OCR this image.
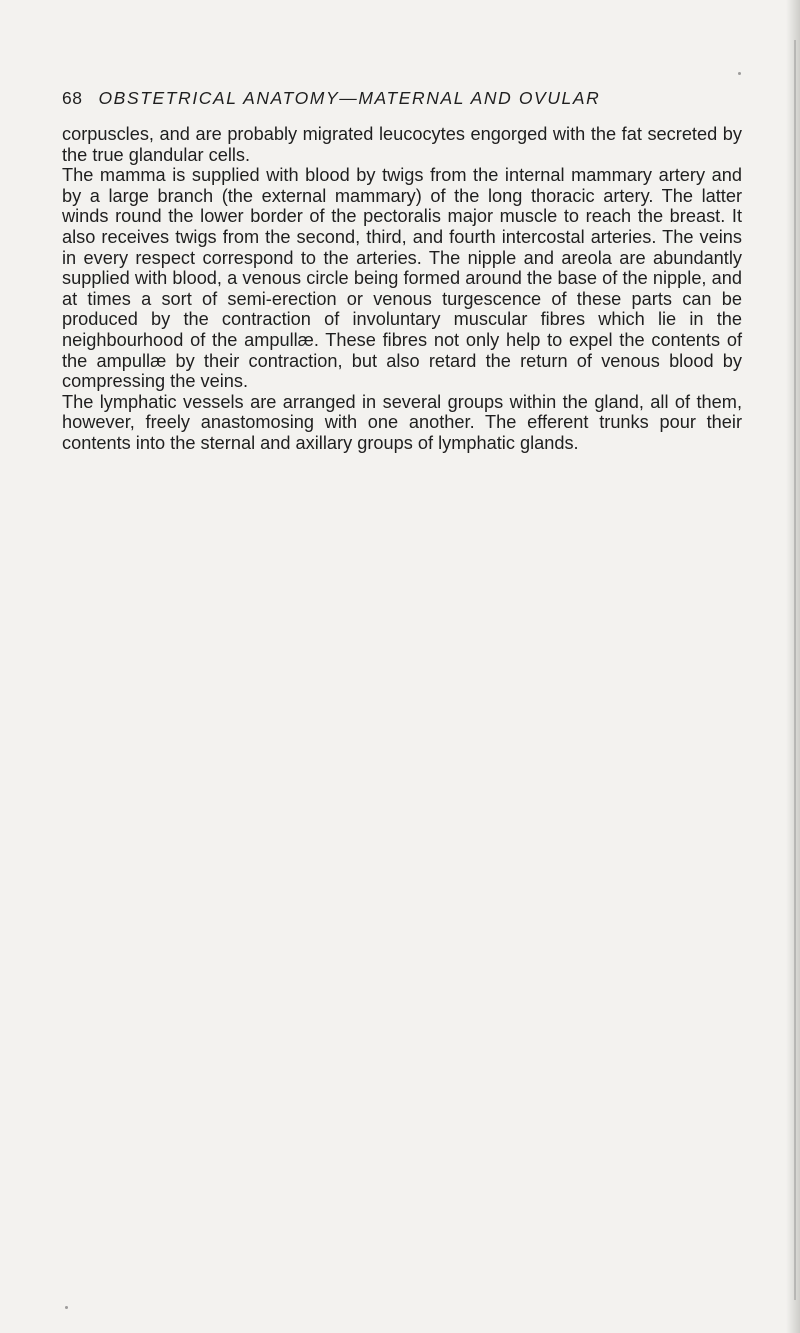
68 OBSTETRICAL ANATOMY—MATERNAL AND OVULAR

corpuscles, and are probably migrated leucocytes engorged with the fat secreted by the true glandular cells.

The mamma is supplied with blood by twigs from the internal mammary artery and by a large branch (the external mammary) of the long thoracic artery. The latter winds round the lower border of the pectoralis major muscle to reach the breast. It also receives twigs from the second, third, and fourth intercostal arteries. The veins in every respect correspond to the arteries. The nipple and areola are abundantly supplied with blood, a venous circle being formed around the base of the nipple, and at times a sort of semi-erection or venous turgescence of these parts can be produced by the contraction of involuntary muscular fibres which lie in the neighbourhood of the ampullæ. These fibres not only help to expel the contents of the ampullæ by their contraction, but also retard the return of venous blood by compressing the veins.

The lymphatic vessels are arranged in several groups within the gland, all of them, however, freely anastomosing with one another. The efferent trunks pour their contents into the sternal and axillary groups of lymphatic glands.
